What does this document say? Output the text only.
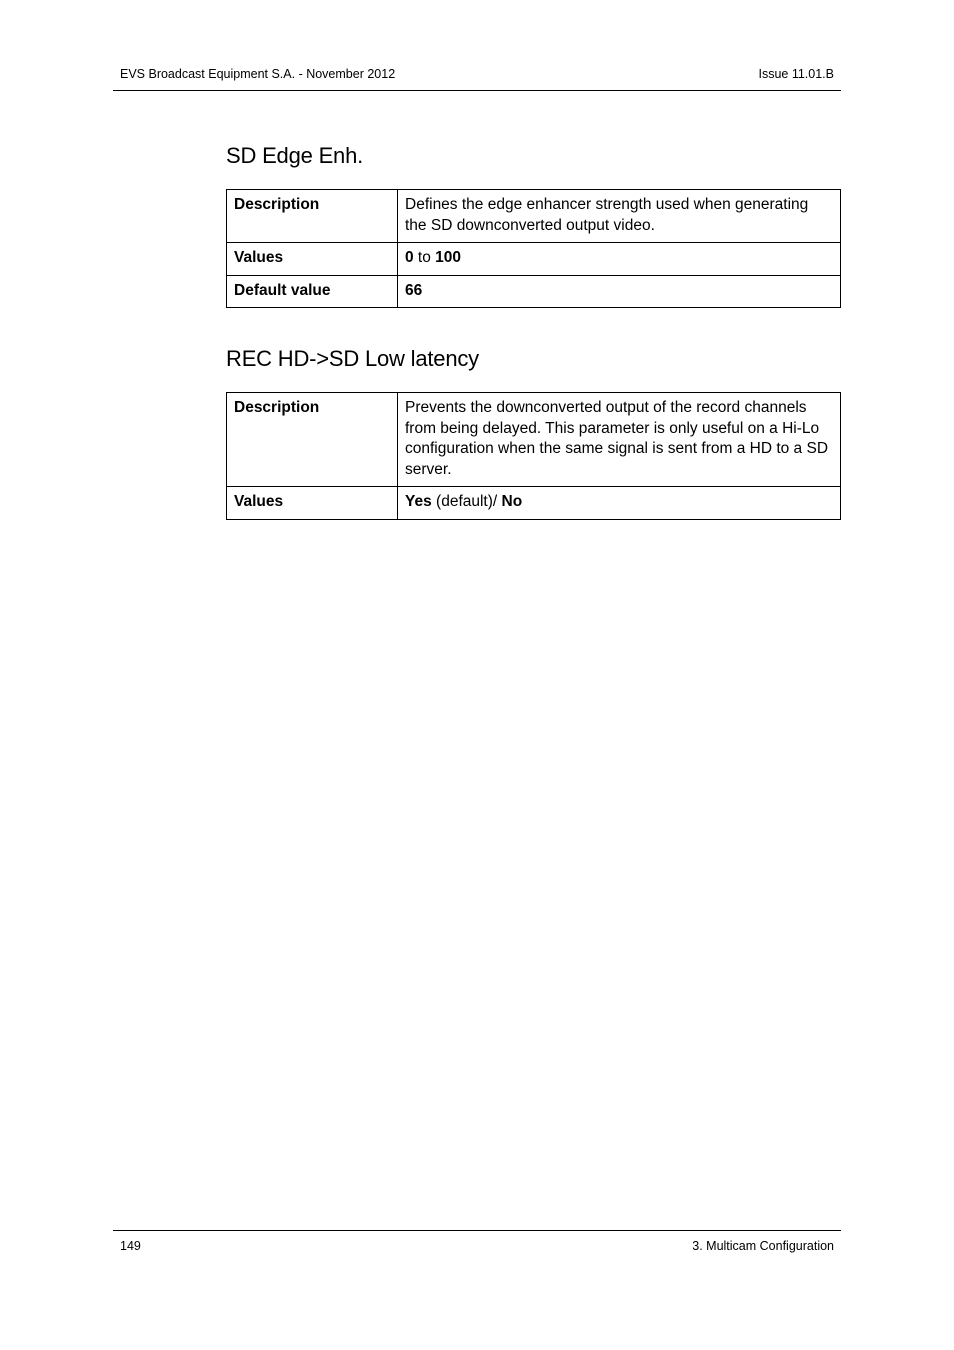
EVS Broadcast Equipment S.A. - November 2012	Issue 11.01.B
SD Edge Enh.
Description	Defines the edge enhancer strength used when generating the SD downconverted output video.
Values	0 to 100
Default value	66
REC HD->SD Low latency
Description	Prevents the downconverted output of the record channels from being delayed. This parameter is only useful on a Hi-Lo configuration when the same signal is sent from a HD to a SD server.
Values	Yes (default)/ No
149	3. Multicam Configuration
